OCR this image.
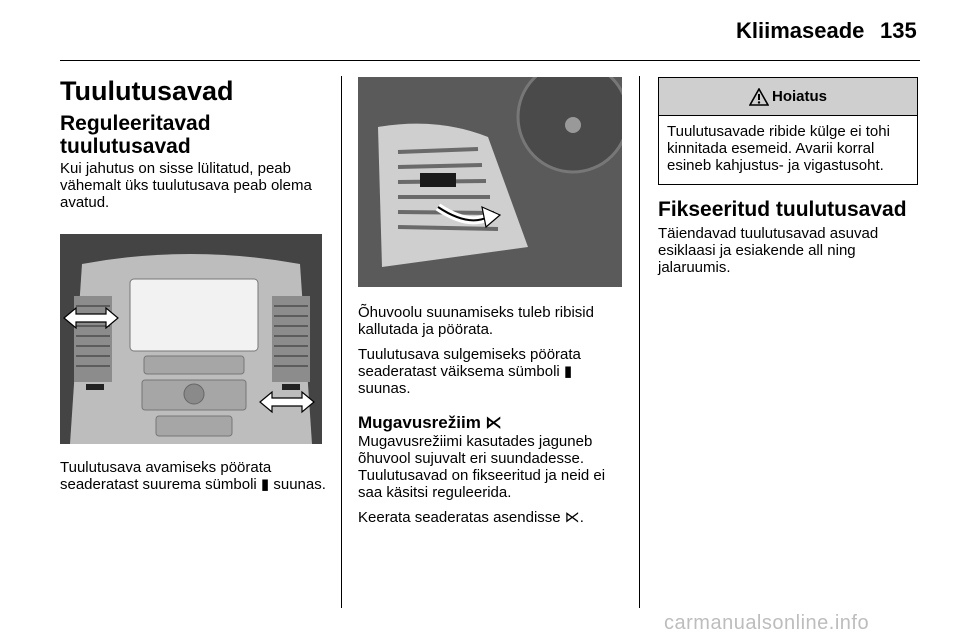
Kliimaseade 135
Tuulutusavad
Reguleeritavad tuulutusavad

Kui jahutus on sisse lülitatud, peab vähemalt üks tuulutusava peab olema avatud.

Tuulutusava avamiseks pöörata seaderatast suurema sümboli ▮ suunas.

Õhuvoolu suunamiseks tuleb ribisid kallutada ja pöörata.

Tuulutusava sulgemiseks pöörata seaderatast väiksema sümboli ▮ suunas.

Mugavusrežiim ⋉

Mugavusrežiimi kasutades jaguneb õhuvool sujuvalt eri suundadesse. Tuulutusavad on fikseeritud ja neid ei saa käsitsi reguleerida.

Keerata seaderatas asendisse ⋉.

Hoiatus
Tuulutusavade ribide külge ei tohi kinnitada esemeid. Avarii korral esineb kahjustus- ja vigastusoht.
Fikseeritud tuulutusavad

Täiendavad tuulutusavad asuvad esiklaasi ja esiakende all ning jalaruumis.

carmanualsonline.info
